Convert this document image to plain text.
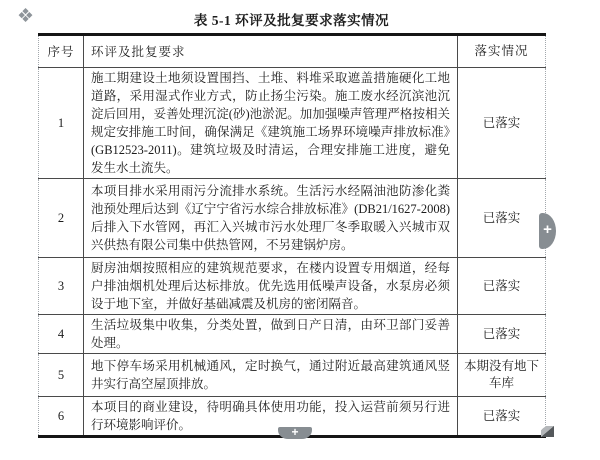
❖	表 5-1 环评及批复要求落实情况
序号	环评及批复要求	落实情况
1	施工期建设土地须设置围挡、土堆、料堆采取遮盖措施硬化工地道路，采用湿式作业方式，防止扬尘污染。施工废水经沉滨池沉淀后回用，妥善处理沉淀(砂)池淤泥。加加强噪声管理严格按相关规定安排施工时间，确保满足《建筑施工场界环境噪声排放标准》(GB12523-2011)。建筑垃圾及时清运，合理安排施工进度，避免发生水土流失。	已落实
2	本项目排水采用雨污分流排水系统。生活污水经隔油池防渗化粪池预处理后达到《辽宁宁省污水综合排放标准》(DB21/1627-2008)后排入下水管网，再汇入兴城市污水处理厂冬季取暖入兴城市双兴供热有限公司集中供热管网，不另建锅炉房。	已落实
3	厨房油烟按照相应的建筑规范要求，在楼内设置专用烟道，经每户排油烟机处理后达标排放。优先选用低噪声设备，水泵房必须设于地下室，并做好基础减震及机房的密闭隔音。	已落实
4	生活垃圾集中收集，分类处置，做到日产日清，由环卫部门妥善处理。	已落实
5	地下停车场采用机械通风，定时换气，通过附近最高建筑通风竖井实行高空屋顶排放。	本期没有地下车库
6	本项目的商业建设，待明确具体使用功能，投入运营前须另行进行环境影响评价。	已落实
+
+
